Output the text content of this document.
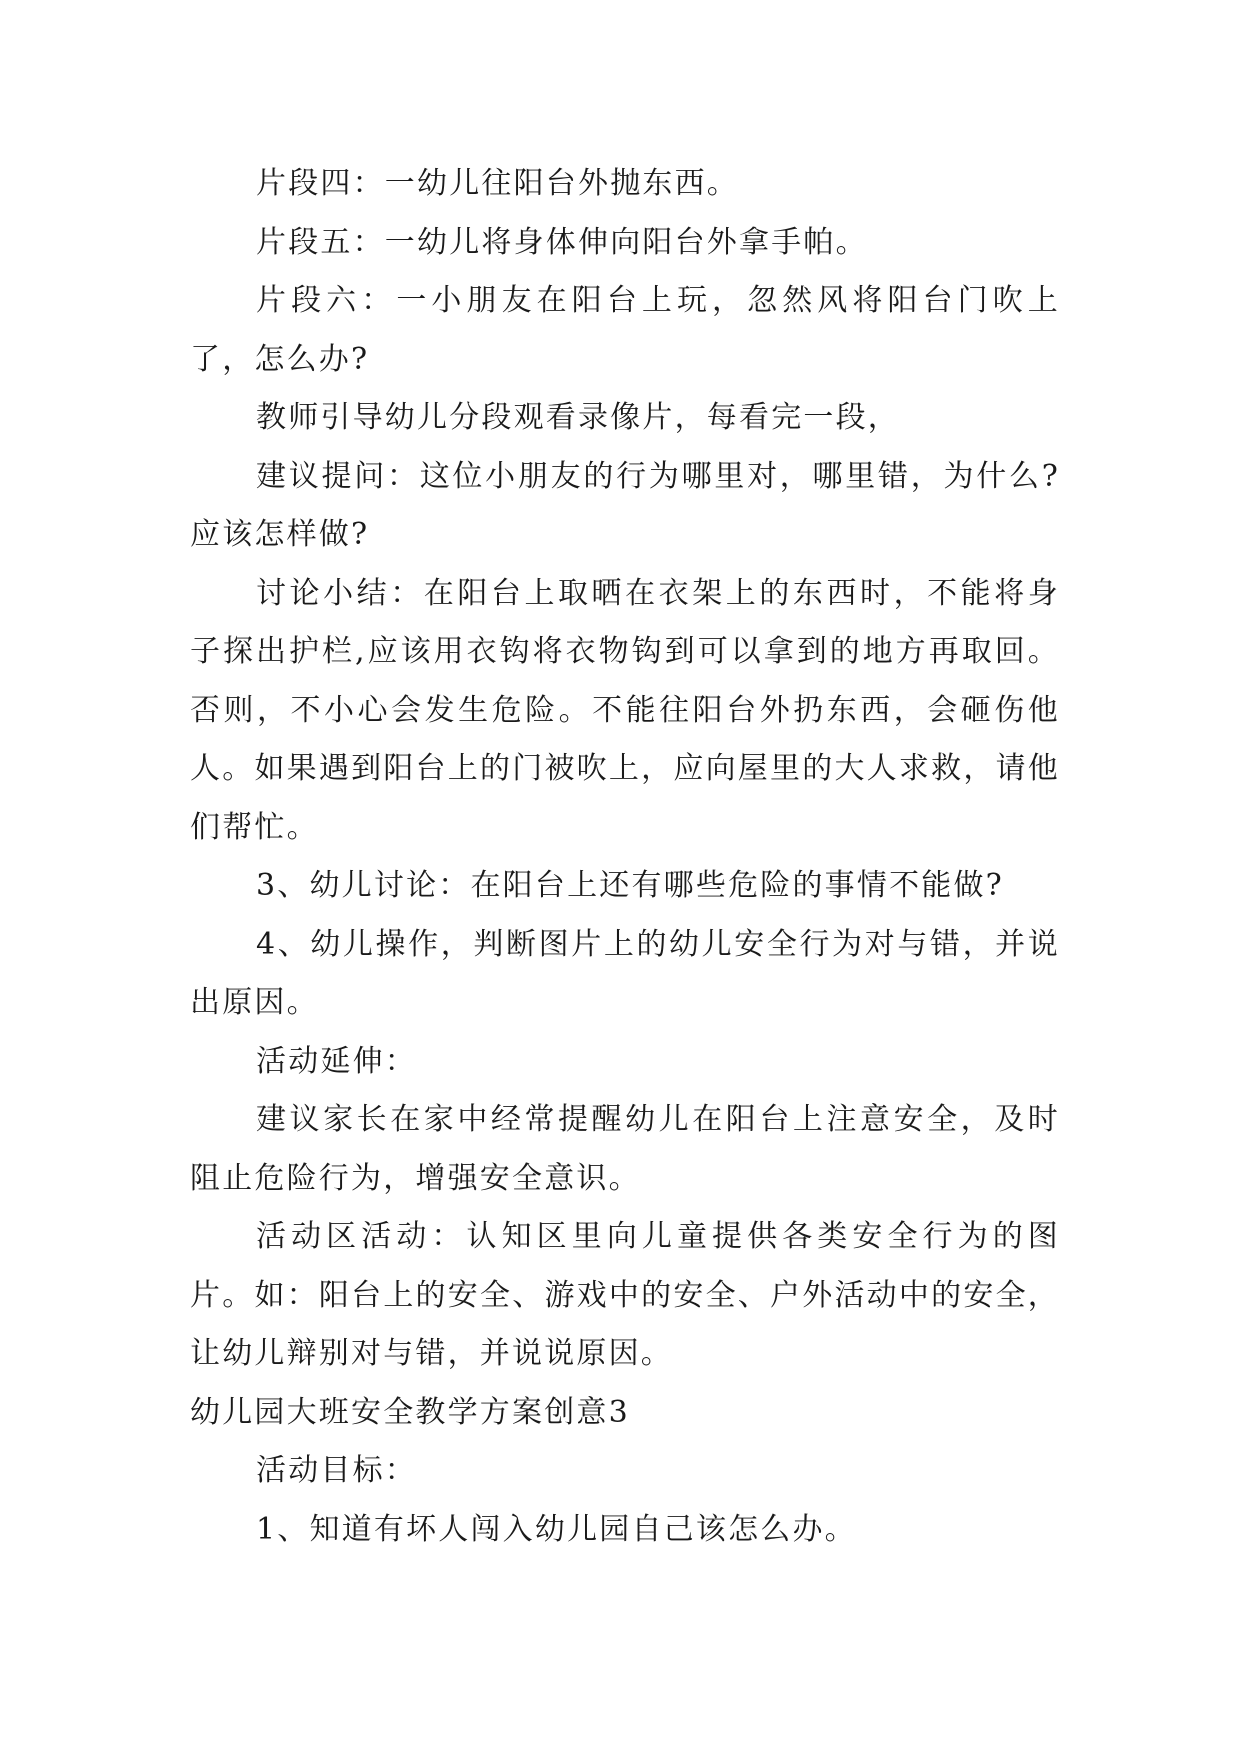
片段四：一幼儿往阳台外抛东西。

片段五：一幼儿将身体伸向阳台外拿手帕。

片段六：一小朋友在阳台上玩，忽然风将阳台门吹上了，怎么办?

教师引导幼儿分段观看录像片，每看完一段，

建议提问：这位小朋友的行为哪里对，哪里错，为什么?应该怎样做?

讨论小结：在阳台上取晒在衣架上的东西时，不能将身子探出护栏,应该用衣钩将衣物钩到可以拿到的地方再取回。否则，不小心会发生危险。不能往阳台外扔东西，会砸伤他人。如果遇到阳台上的门被吹上，应向屋里的大人求救，请他们帮忙。

3、幼儿讨论：在阳台上还有哪些危险的事情不能做?

4、幼儿操作，判断图片上的幼儿安全行为对与错，并说出原因。

活动延伸：

建议家长在家中经常提醒幼儿在阳台上注意安全，及时阻止危险行为，增强安全意识。

活动区活动：认知区里向儿童提供各类安全行为的图片。如：阳台上的安全、游戏中的安全、户外活动中的安全，让幼儿辩别对与错，并说说原因。

幼儿园大班安全教学方案创意3

活动目标：

1、知道有坏人闯入幼儿园自己该怎么办。
